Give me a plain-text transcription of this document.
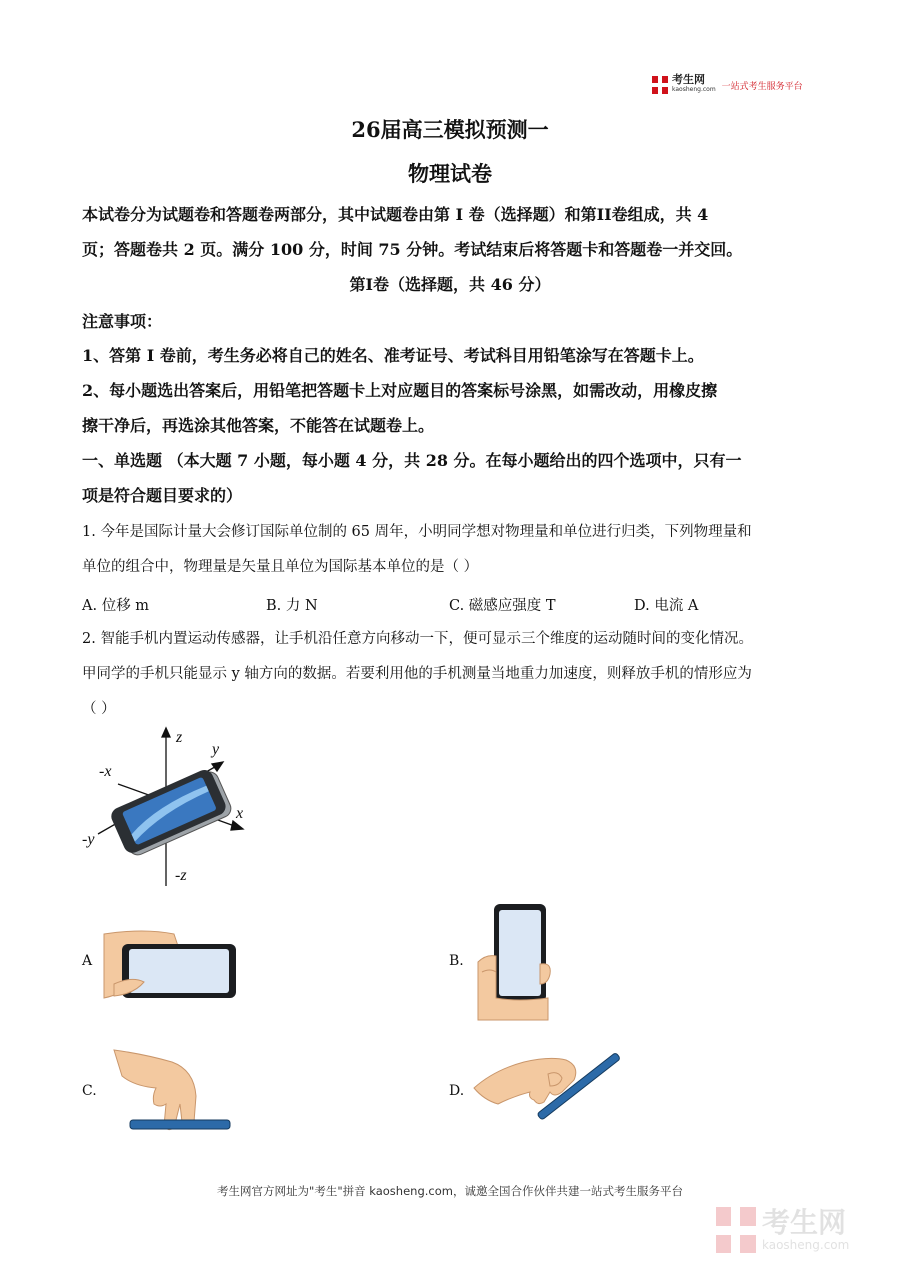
考生网
kaosheng.com 一站式考生服务平台
26届高三模拟预测一
物理试卷
本试卷分为试题卷和答题卷两部分，其中试题卷由第 I 卷（选择题）和第II卷组成，共 4
页；答题卷共 2 页。满分 100 分，时间 75 分钟。考试结束后将答题卡和答题卷一并交回。
第I卷（选择题，共 46 分）
注意事项：
1、答第 I 卷前，考生务必将自己的姓名、准考证号、考试科目用铅笔涂写在答题卡上。
2、每小题选出答案后，用铅笔把答题卡上对应题目的答案标号涂黑，如需改动，用橡皮擦
擦干净后，再选涂其他答案，不能答在试题卷上。
一、单选题 （本大题 7 小题，每小题 4 分，共 28 分。在每小题给出的四个选项中，只有一
项是符合题目要求的）
1. 今年是国际计量大会修订国际单位制的 65 周年，小明同学想对物理量和单位进行归类，下列物理量和
单位的组合中，物理量是矢量且单位为国际基本单位的是（ ）
A. 位移 m	B. 力 N	C. 磁感应强度 T	D. 电流 A
2. 智能手机内置运动传感器，让手机沿任意方向移动一下，便可显示三个维度的运动随时间的变化情况。
甲同学的手机只能显示 y 轴方向的数据。若要利用他的手机测量当地重力加速度，则释放手机的情形应为
（ ）
z
y
-x
x
-y
-z
A	B.
C.	D.
考生网官方网址为"考生"拼音 kaosheng.com，诚邀全国合作伙伴共建一站式考生服务平台
考生网
kaosheng.com
